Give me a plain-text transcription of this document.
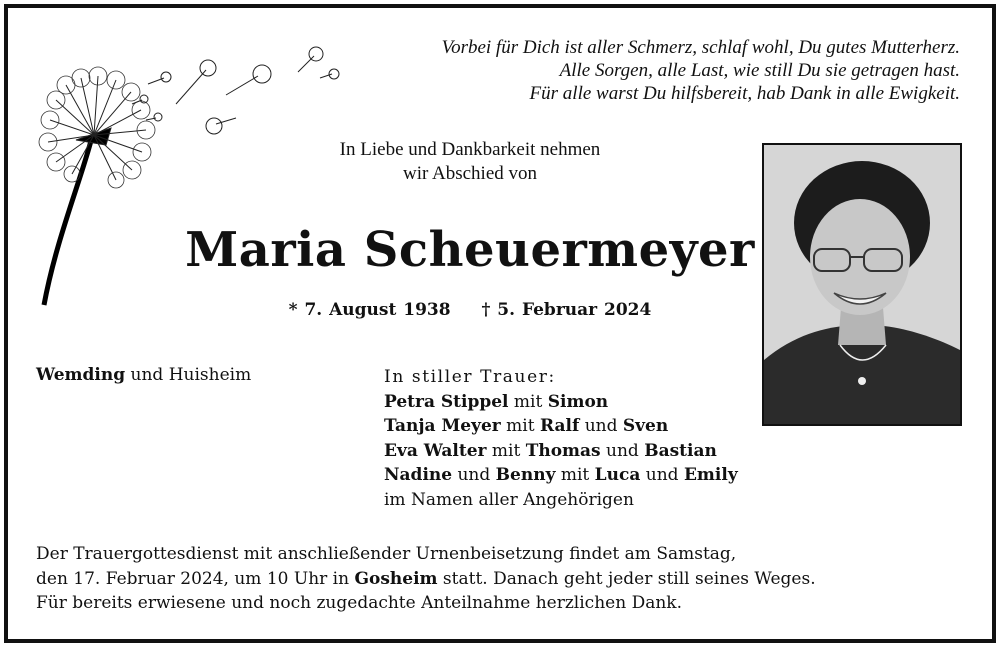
Vorbei für Dich ist aller Schmerz, schlaf wohl, Du gutes Mutterherz.
Alle Sorgen, alle Last, wie still Du sie getragen hast.
Für alle warst Du hilfsbereit, hab Dank in alle Ewigkeit.
In Liebe und Dankbarkeit nehmen
wir Abschied von
Maria Scheuermeyer
* 7. August 1938 † 5. Februar 2024
Wemding und Huisheim	In stiller Trauer:
Petra Stippel mit Simon
Tanja Meyer mit Ralf und Sven
Eva Walter mit Thomas und Bastian
Nadine und Benny mit Luca und Emily
im Namen aller Angehörigen
Der Trauergottesdienst mit anschließender Urnenbeisetzung findet am Samstag,
den 17. Februar 2024, um 10 Uhr in Gosheim statt. Danach geht jeder still seines Weges.
Für bereits erwiesene und noch zugedachte Anteilnahme herzlichen Dank.
